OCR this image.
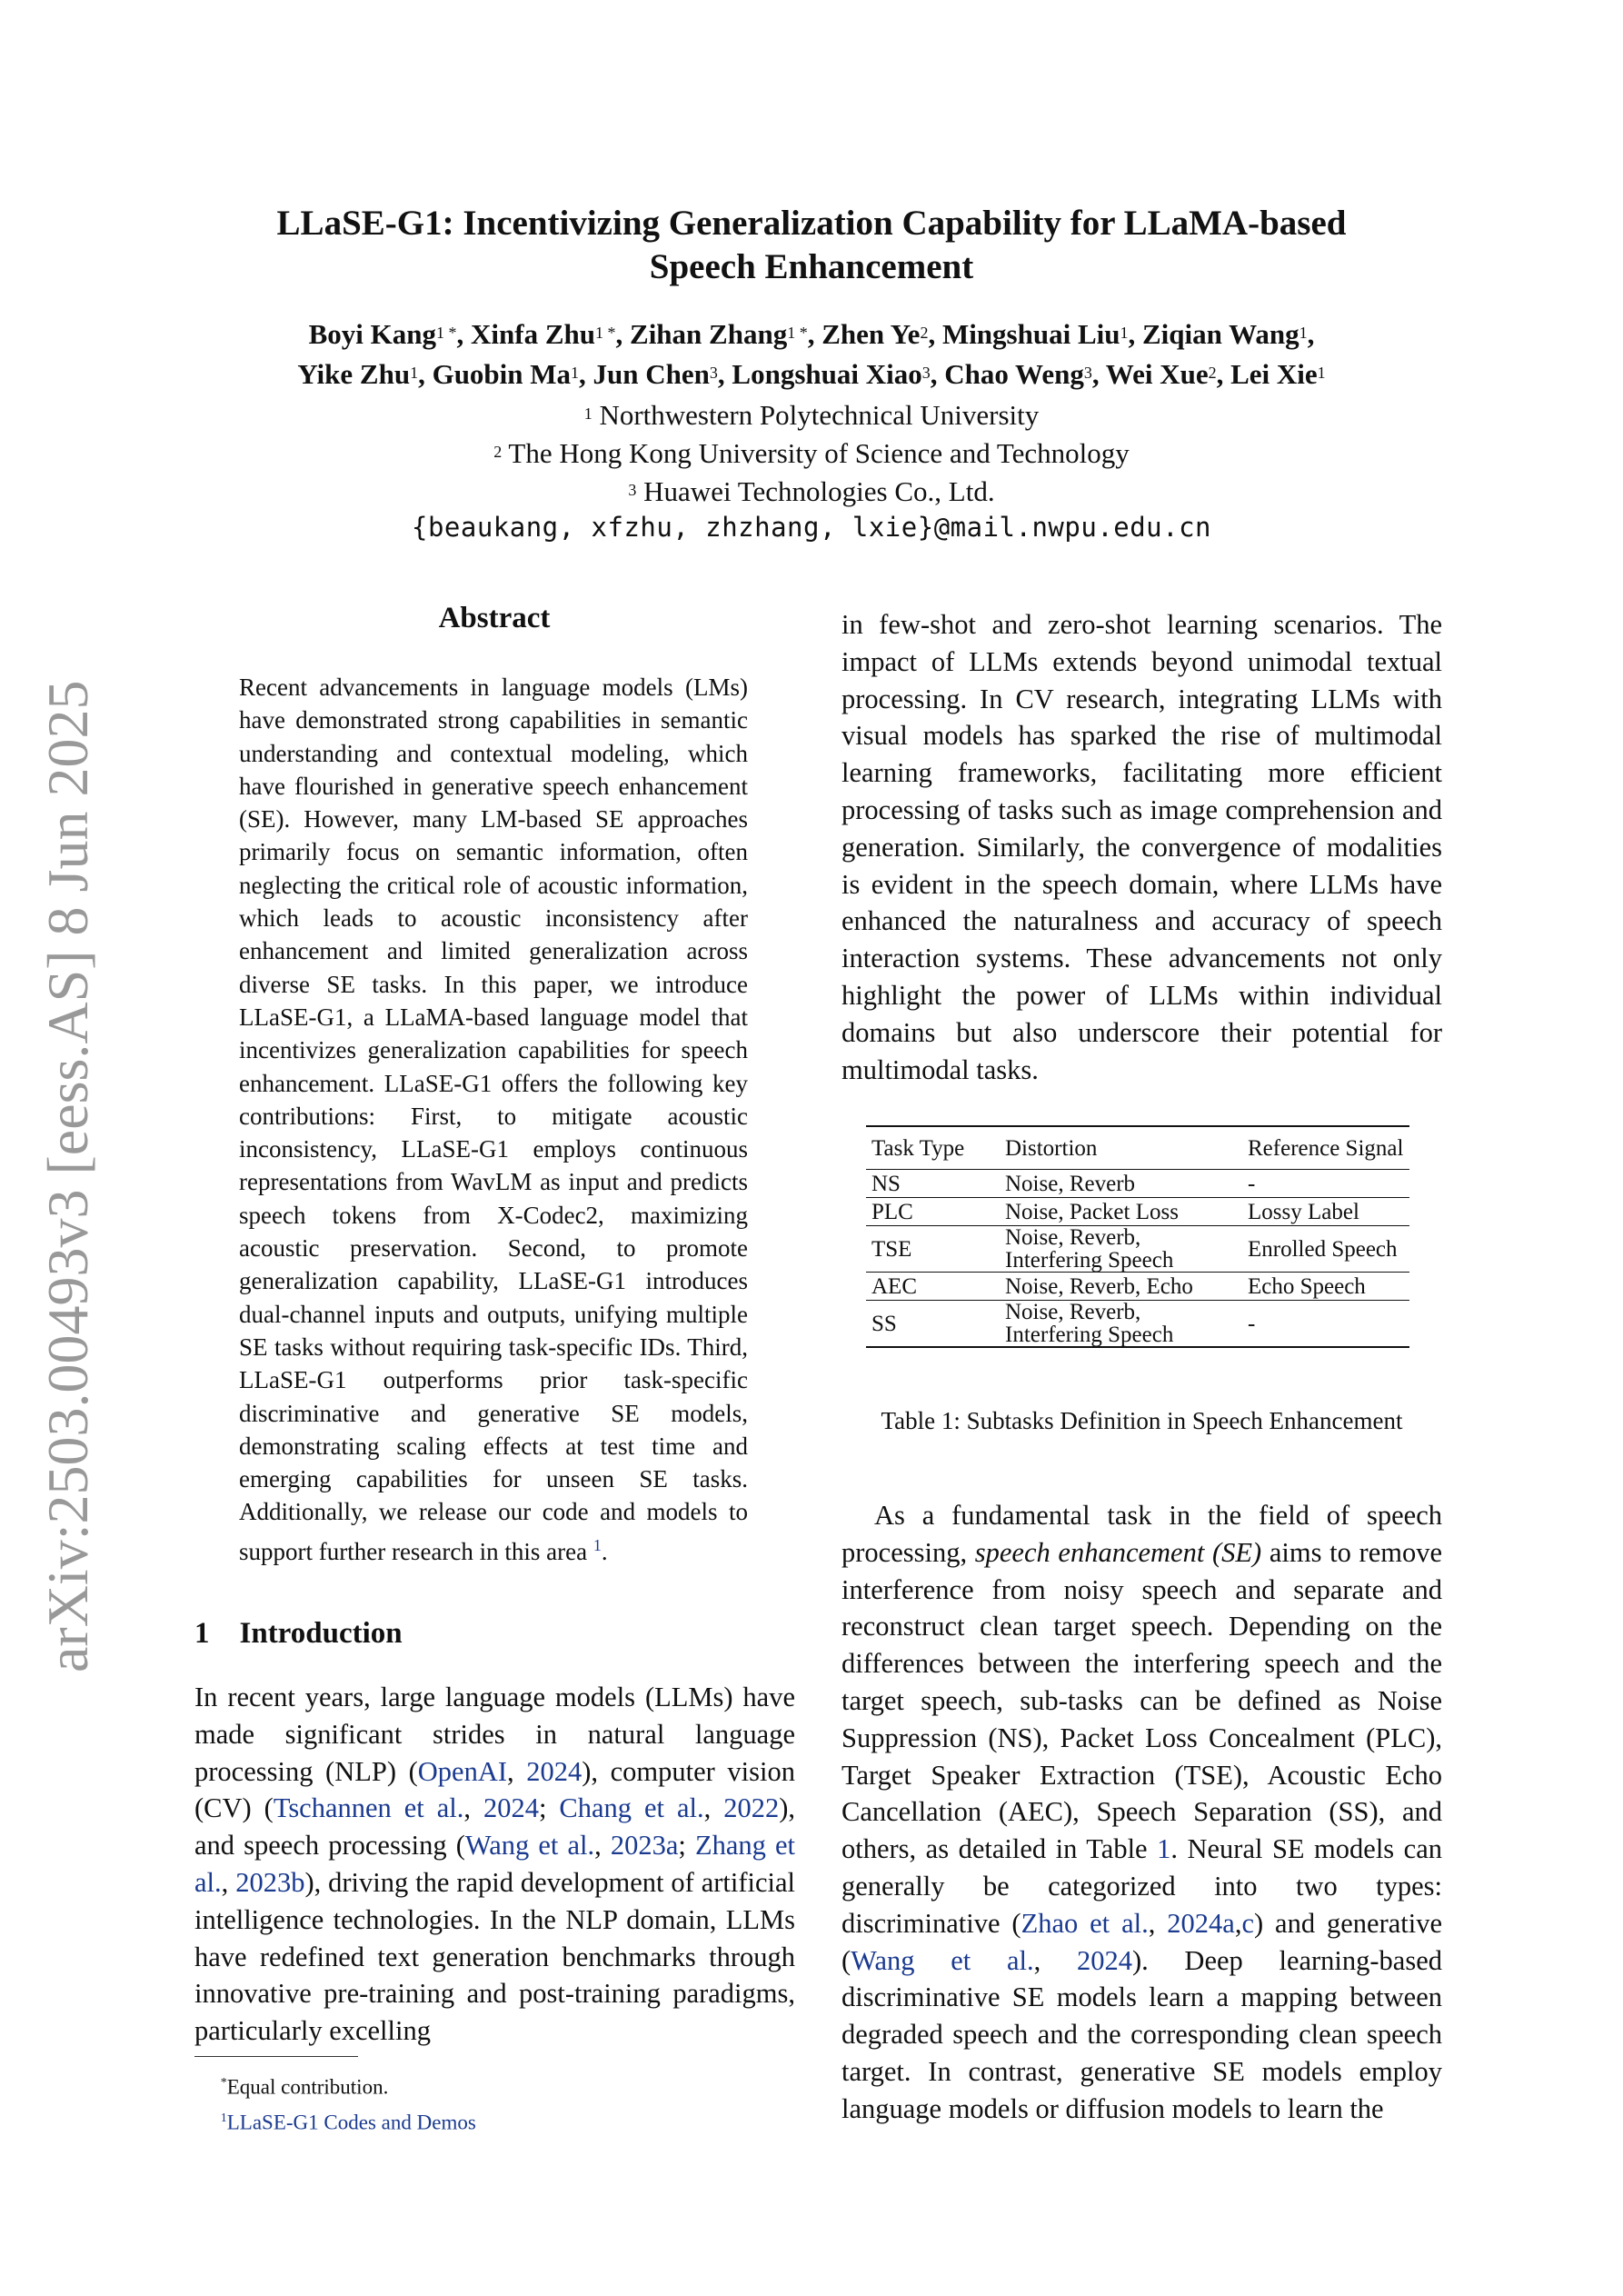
arXiv:2503.00493v3 [eess.AS] 8 Jun 2025
LLaSE-G1: Incentivizing Generalization Capability for LLaMA-based
Speech Enhancement
Boyi Kang$^{1 *}$, Xinfa Zhu$^{1 *}$, Zihan Zhang$^{1 *}$, Zhen Ye$^2$, Mingshuai Liu$^1$, Ziqian Wang$^1$,
Yike Zhu$^1$, Guobin Ma$^1$, Jun Chen$^3$, Longshuai Xiao$^3$, Chao Weng$^3$, Wei Xue$^2$, Lei Xie$^1$
$^1$ Northwestern Polytechnical University
$^2$ The Hong Kong University of Science and Technology
$^3$ Huawei Technologies Co., Ltd.
{beaukang, xfzhu, zhzhang, lxie}@mail.nwpu.edu.cn
Abstract
Recent advancements in language models (LMs) have demonstrated strong capabilities in semantic understanding and contextual modeling, which have flourished in generative speech enhancement (SE). However, many LM-based SE approaches primarily focus on semantic information, often neglecting the critical role of acoustic information, which leads to acoustic inconsistency after enhancement and limited generalization across diverse SE tasks. In this paper, we introduce LLaSE-G1, a LLaMA-based language model that incentivizes generalization capabilities for speech enhancement. LLaSE-G1 offers the following key contributions: First, to mitigate acoustic inconsistency, LLaSE-G1 employs continuous representations from WavLM as input and predicts speech tokens from X-Codec2, maximizing acoustic preservation. Second, to promote generalization capability, LLaSE-G1 introduces dual-channel inputs and outputs, unifying multiple SE tasks without requiring task-specific IDs. Third, LLaSE-G1 outperforms prior task-specific discriminative and generative SE models, demonstrating scaling effects at test time and emerging capabilities for unseen SE tasks. Additionally, we release our code and models to support further research in this area $^1$.
1 Introduction
In recent years, large language models (LLMs) have made significant strides in natural language processing (NLP) (OpenAI, 2024), computer vision (CV) (Tschannen et al., 2024; Chang et al., 2022), and speech processing (Wang et al., 2023a; Zhang et al., 2023b), driving the rapid development of artificial intelligence technologies. In the NLP domain, LLMs have redefined text generation benchmarks through innovative pre-training and post-training paradigms, particularly excelling
*Equal contribution.
$^1$LLaSE-G1 Codes and Demos
in few-shot and zero-shot learning scenarios. The impact of LLMs extends beyond unimodal textual processing. In CV research, integrating LLMs with visual models has sparked the rise of multimodal learning frameworks, facilitating more efficient processing of tasks such as image comprehension and generation. Similarly, the convergence of modalities is evident in the speech domain, where LLMs have enhanced the naturalness and accuracy of speech interaction systems. These advancements not only highlight the power of LLMs within individual domains but also underscore their potential for multimodal tasks.
Task Type	Distortion	Reference Signal
NS	Noise, Reverb	-
PLC	Noise, Packet Loss	Lossy Label
TSE	Noise, Reverb, Interfering Speech	Enrolled Speech
AEC	Noise, Reverb, Echo	Echo Speech
SS	Noise, Reverb, Interfering Speech	-
Table 1: Subtasks Definition in Speech Enhancement
As a fundamental task in the field of speech processing, speech enhancement (SE) aims to remove interference from noisy speech and separate and reconstruct clean target speech. Depending on the differences between the interfering speech and the target speech, sub-tasks can be defined as Noise Suppression (NS), Packet Loss Concealment (PLC), Target Speaker Extraction (TSE), Acoustic Echo Cancellation (AEC), Speech Separation (SS), and others, as detailed in Table 1. Neural SE models can generally be categorized into two types: discriminative (Zhao et al., 2024a,c) and generative (Wang et al., 2024). Deep learning-based discriminative SE models learn a mapping between degraded speech and the corresponding clean speech target. In contrast, generative SE models employ language models or diffusion models to learn the
